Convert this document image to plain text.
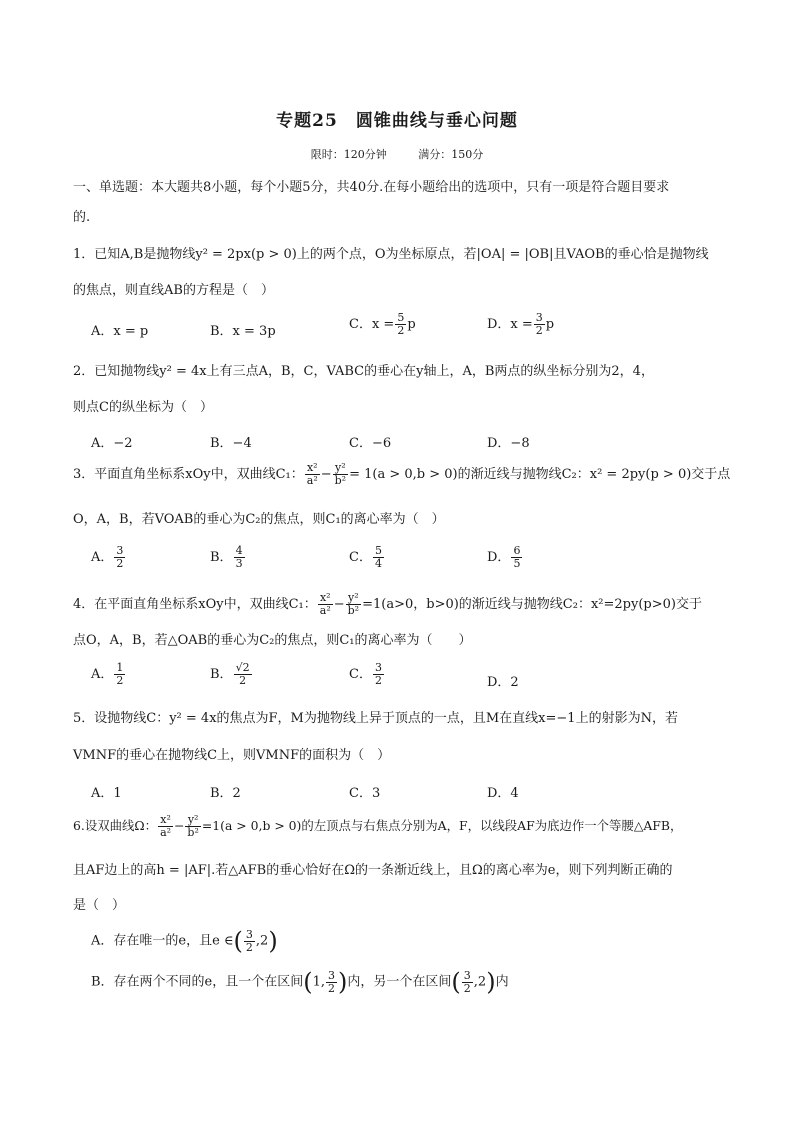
专题25　圆锥曲线与垂心问题
限时：120分钟	满分：150分
一、单选题：本大题共8小题，每个小题5分，共40分.在每小题给出的选项中，只有一项是符合题目要求
的.
1．已知A,B是抛物线y² = 2px(p > 0)上的两个点，O为坐标原点，若|OA| = |OB|且VAOB的垂心恰是抛物线
的焦点，则直线AB的方程是（　）
A．x = p	B．x = 3p	C．$x = \frac{5}{2}$ p	D．$x = \frac{3}{2}$ p
2．已知抛物线y² = 4x上有三点A，B，C，VABC的垂心在y轴上，A，B两点的纵坐标分别为2，4，
则点C的纵坐标为（　）
A．−2	B．−4	C．−6	D．−8
3．平面直角坐标系xOy中，双曲线C₁： $\frac{\text{x²}}{\text{a²}} - \frac{\text{y²}}{\text{b²}} = 1(a > 0,b > 0)$的渐近线与抛物线C₂：x² = 2py(p > 0)交于点
O，A，B，若VOAB的垂心为C₂的焦点，则C₁的离心率为（　）
A． $\frac{3}{2}$	B． $\frac{4}{3}$	C． $\frac{5}{4}$	D． $\frac{6}{5}$
4．在平面直角坐标系xOy中，双曲线C₁： $\frac{\text{x²}}{\text{a²}} - \frac{\text{y²}}{\text{b²}} =1(a>0$，b>0)的渐近线与抛物线C₂：x²=2py(p>0)交于
点O，A，B，若△OAB的垂心为C₂的焦点，则C₁的离心率为（　　）
A． $\frac{1}{2}$	B． $\frac{√2}{2}$	C． $\frac{3}{2}$	D．2
5．设抛物线C：y² = 4x的焦点为F，M为抛物线上异于顶点的一点，且M在直线x=−1上的射影为N，若
VMNF的垂心在抛物线C上，则VMNF的面积为（　）
A．1	B．2	C．3	D．4
6.设双曲线Ω： $\frac{\text{x²}}{\text{a²}} - \frac{\text{y²}}{\text{b²}} =1(a > 0,b > 0)$的左顶点与右焦点分别为A，F，以线段AF为底边作一个等腰△AFB，
且AF边上的高h = |AF|.若△AFB的垂心恰好在Ω的一条渐近线上，且Ω的离心率为e，则下列判断正确的
是（　）
A．存在唯一的e，且e ∈( $\frac{3}{2} ,2$)
B．存在两个不同的e，且一个在区间(1, $\frac{3}{2}$ )内，另一个在区间( $\frac{3}{2} ,2$)内
